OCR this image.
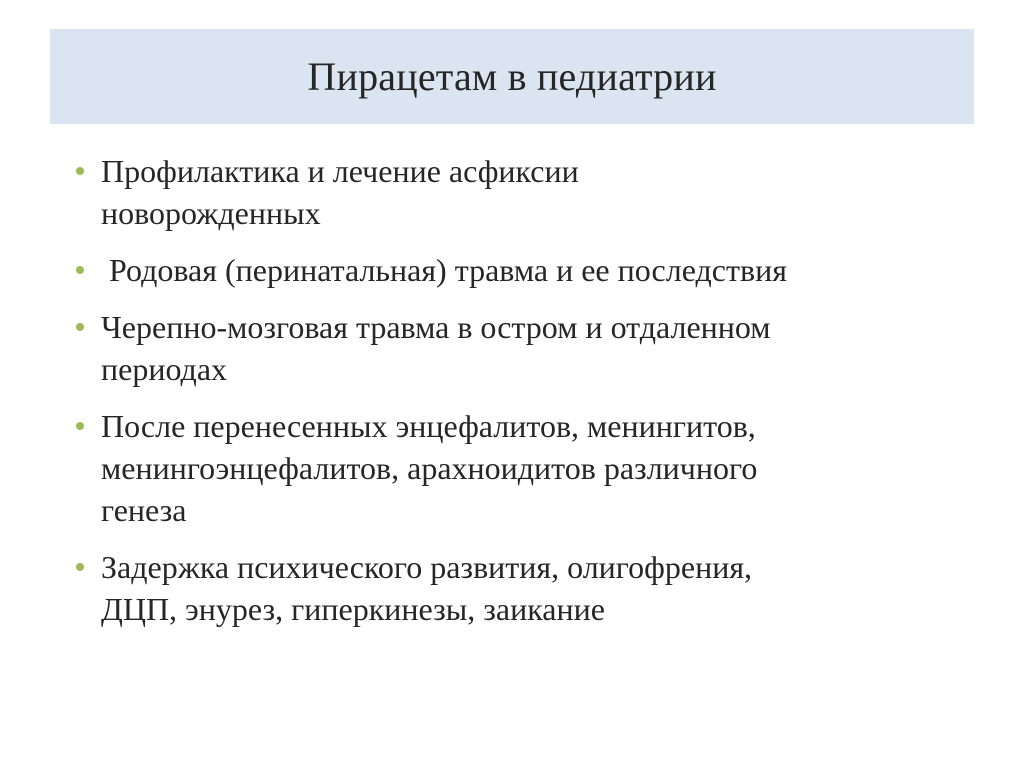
Пирацетам в педиатрии
Профилактика и лечение асфиксии
новорожденных
Родовая (перинатальная) травма и ее последствия
Черепно-мозговая травма в остром и отдаленном
периодах
После перенесенных энцефалитов, менингитов,
менингоэнцефалитов, арахноидитов различного
генеза
Задержка психического развития, олигофрения,
ДЦП, энурез, гиперкинезы, заикание
